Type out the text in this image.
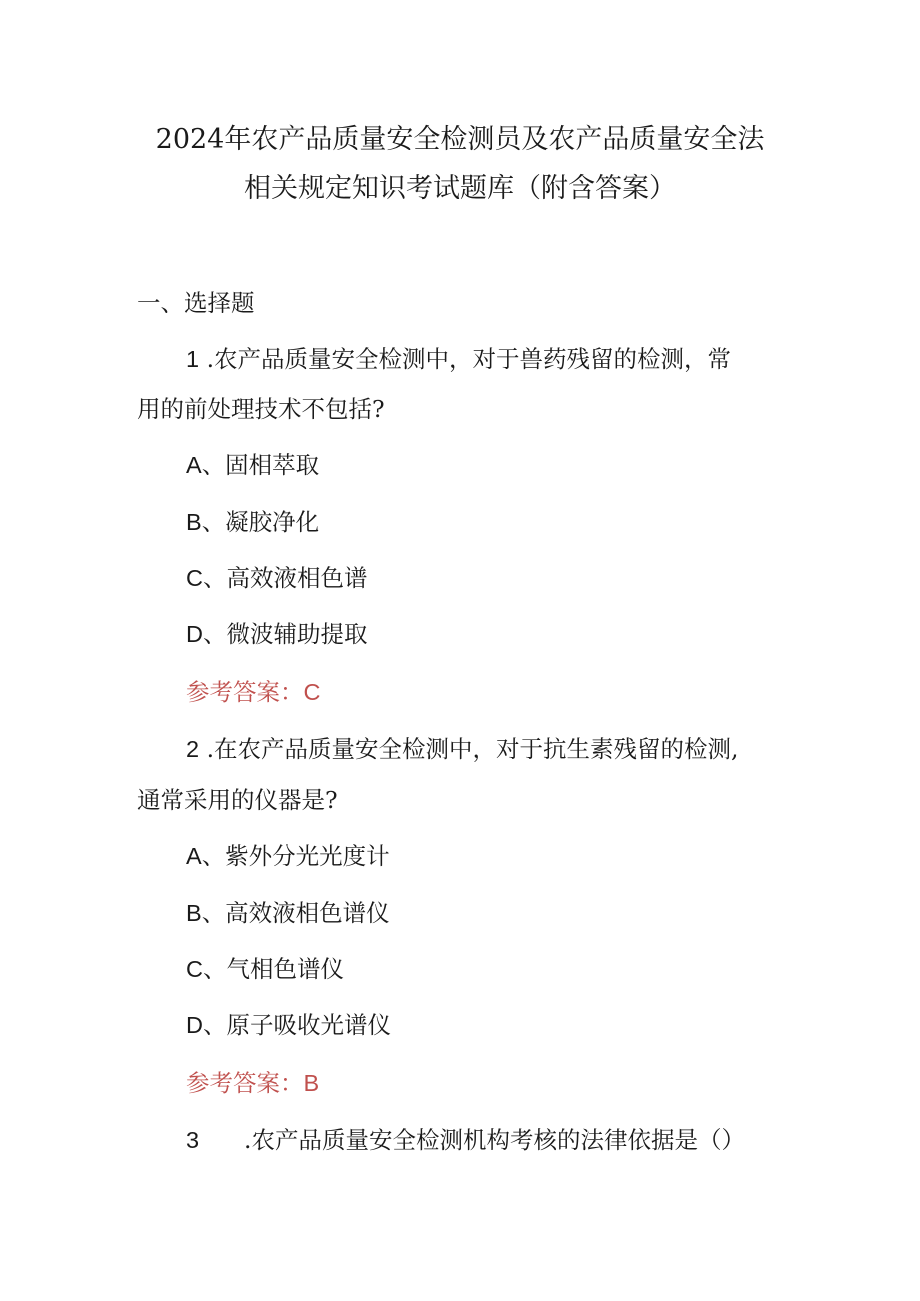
2024年农产品质量安全检测员及农产品质量安全法
相关规定知识考试题库（附含答案）
一、选择题
1 .农产品质量安全检测中，对于兽药残留的检测，常
用的前处理技术不包括?
A、固相萃取
B、凝胶净化
C、高效液相色谱
D、微波辅助提取
参考答案：C
2 .在农产品质量安全检测中，对于抗生素残留的检测,
通常采用的仪器是?
A、紫外分光光度计
B、高效液相色谱仪
C、气相色谱仪
D、原子吸收光谱仪
参考答案：B
3 .农产品质量安全检测机构考核的法律依据是（）
